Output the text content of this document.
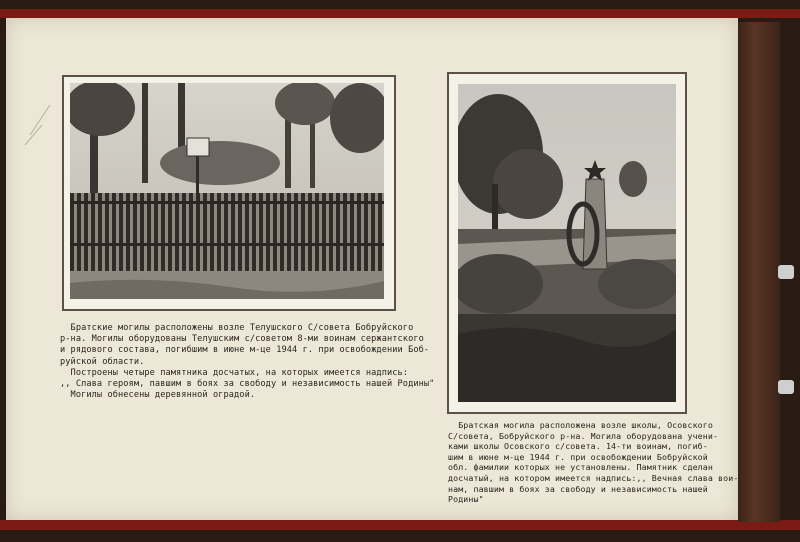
Братские могилы расположены возле Телушского С/совета Бобруйского

р-на. Могилы оборудованы Телушским с/советом 8-ми воинам сержантского

и рядового состава, погибшим в июне м-це 1944 г. при освобождении Боб-

руйской области.

Построены четыре памятника досчатых, на которых имеется надпись:

,, Слава героям, павшим в боях за свободу и независимость нашей Родины"

Могилы обнесены деревянной оградой.

Братская могила расположена возле школы, Осовского

С/совета, Бобруйского р-на. Могила оборудована учени-

ками школы Осовского с/совета. 14-ти воинам, погиб-

шим в июне м-це 1944 г. при освобождении Бобруйской

обл. фамилии которых не установлены. Памятник сделан

досчатый, на котором имеется надпись:,, Вечная слава вои-

нам, павшим в боях за свободу и независимость нашей

Родины"
